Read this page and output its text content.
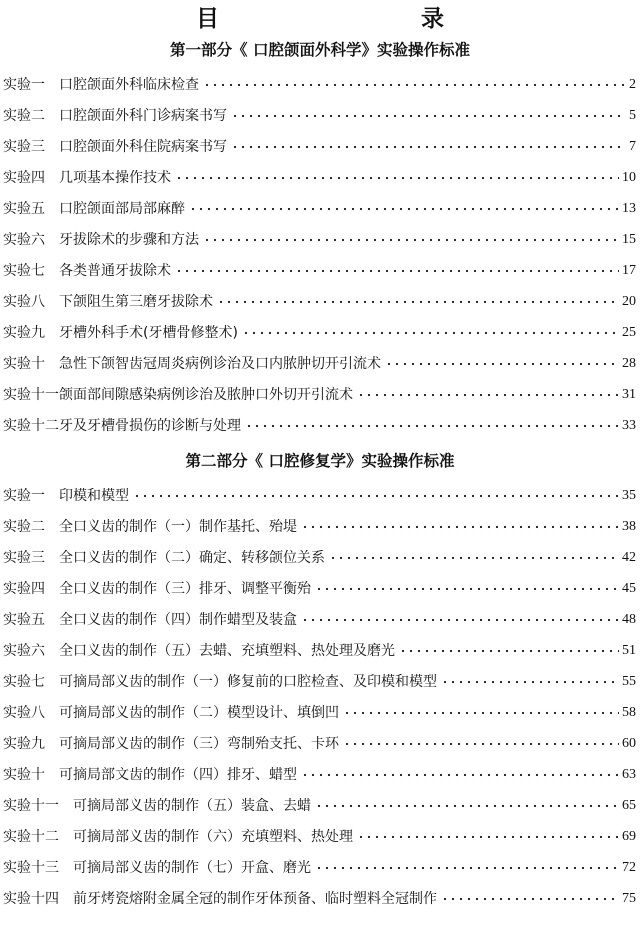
目　　录
第一部分《 口腔颌面外科学》实验操作标准
实验一	口腔颌面外科临床检查	2
实验二	口腔颌面外科门诊病案书写	5
实验三	口腔颌面外科住院病案书写	7
实验四	几项基本操作技术	10
实验五	口腔颌面部局部麻醉	13
实验六	牙拔除术的步骤和方法	15
实验七	各类普通牙拔除术	17
实验八	下颌阻生第三磨牙拔除术	20
实验九	牙槽外科手术(牙槽骨修整术)	25
实验十	急性下颌智齿冠周炎病例诊治及口内脓肿切开引流术	28
实验十一 颌面部间隙感染病例诊治及脓肿口外切开引流术	31
实验十二 牙及牙槽骨损伤的诊断与处理	33
第二部分《 口腔修复学》实验操作标准
实验一 印模和模型	35
实验二 全口义齿的制作（一）制作基托、殆堤	38
实验三 全口义齿的制作（二）确定、转移颌位关系	42
实验四 全口义齿的制作（三）排牙、调整平衡殆	45
实验五 全口义齿的制作（四）制作蜡型及装盒	48
实验六 全口义齿的制作（五）去蜡、充填塑料、热处理及磨光	51
实验七 可摘局部义齿的制作（一）修复前的口腔检查、及印模和模型	55
实验八 可摘局部义齿的制作（二）模型设计、填倒凹	58
实验九 可摘局部义齿的制作（三）弯制殆支托、卡环	60
实验十 可摘局部文齿的制作（四）排牙、蜡型	63
实验十一 可摘局部义齿的制作（五）装盒、去蜡	65
实验十二 可摘局部义齿的制作（六）充填塑料、热处理	69
实验十三 可摘局部义齿的制作（七）开盒、磨光	72
实验十四 前牙烤瓷熔附金属全冠的制作牙体预备、临时塑料全冠制作	75
